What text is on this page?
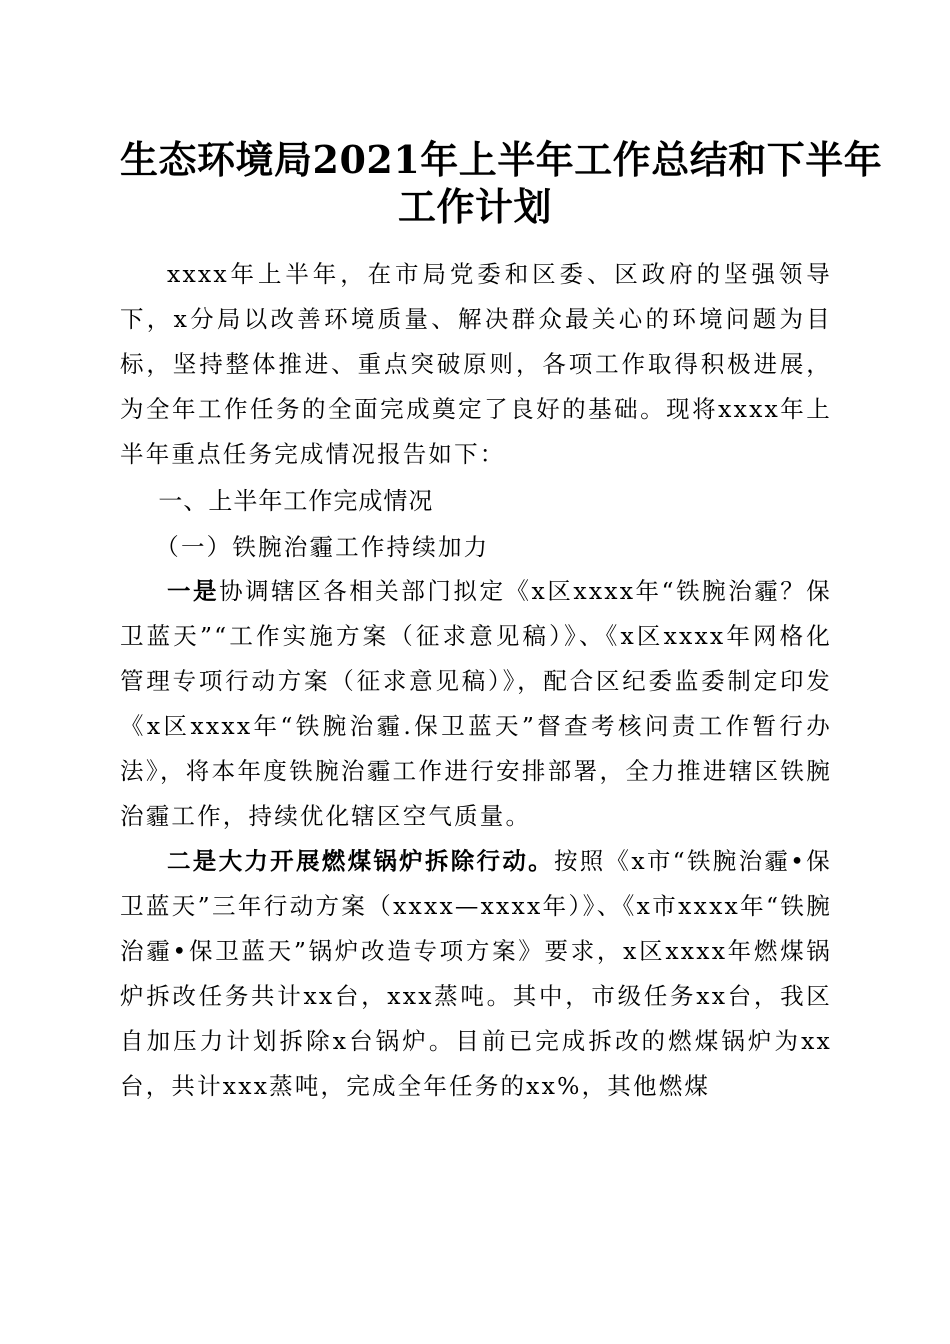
生态环境局2021年上半年工作总结和下半年
工作计划

xxxx年上半年，在市局党委和区委、区政府的坚强领导下，x分局以改善环境质量、解决群众最关心的环境问题为目标，坚持整体推进、重点突破原则，各项工作取得积极进展，为全年工作任务的全面完成奠定了良好的基础。现将xxxx年上半年重点任务完成情况报告如下：

一、上半年工作完成情况

（一）铁腕治霾工作持续加力

一是协调辖区各相关部门拟定《x区xxxx年“铁腕治霾？保卫蓝天”“工作实施方案（征求意见稿）》、《x区xxxx年网格化管理专项行动方案（征求意见稿）》，配合区纪委监委制定印发《x区xxxx年“铁腕治霾.保卫蓝天”督查考核问责工作暂行办法》，将本年度铁腕治霾工作进行安排部署，全力推进辖区铁腕治霾工作，持续优化辖区空气质量。

二是大力开展燃煤锅炉拆除行动。按照《x市“铁腕治霾•保卫蓝天”三年行动方案（xxxx—xxxx年）》、《x市xxxx年“铁腕治霾•保卫蓝天”锅炉改造专项方案》要求，x区xxxx年燃煤锅炉拆改任务共计xx台，xxx蒸吨。其中，市级任务xx台，我区自加压力计划拆除x台锅炉。目前已完成拆改的燃煤锅炉为xx台，共计xxx蒸吨，完成全年任务的xx%，其他燃煤
